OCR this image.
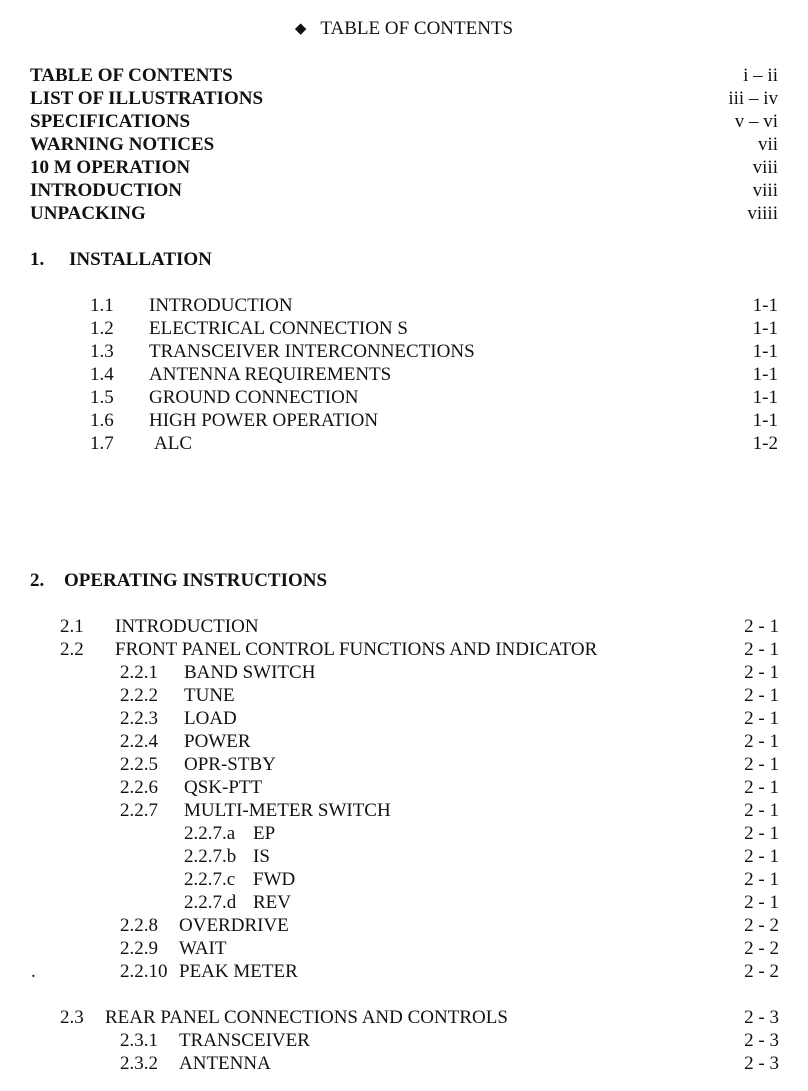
◆ TABLE OF CONTENTS
TABLE OF CONTENTS	i – ii
LIST OF ILLUSTRATIONS	iii – iv
SPECIFICATIONS	v – vi
WARNING NOTICES	vii
10 M OPERATION	viii
INTRODUCTION	viii
UNPACKING	viiii
1. INSTALLATION
1.1 INTRODUCTION	1-1
1.2 ELECTRICAL CONNECTION S	1-1
1.3 TRANSCEIVER INTERCONNECTIONS	1-1
1.4 ANTENNA REQUIREMENTS	1-1
1.5 GROUND CONNECTION	1-1
1.6 HIGH POWER OPERATION	1-1
1.7 ALC	1-2
2. OPERATING INSTRUCTIONS
2.1 INTRODUCTION	2 - 1
2.2 FRONT PANEL CONTROL FUNCTIONS AND INDICATOR	2 - 1
2.2.1 BAND SWITCH	2 - 1
2.2.2 TUNE	2 - 1
2.2.3 LOAD	2 - 1
2.2.4 POWER	2 - 1
2.2.5 OPR-STBY	2 - 1
2.2.6 QSK-PTT	2 - 1
2.2.7 MULTI-METER SWITCH	2 - 1
2.2.7.a EP	2 - 1
2.2.7.b IS	2 - 1
2.2.7.c FWD	2 - 1
2.2.7.d REV	2 - 1
2.2.8 OVERDRIVE	2 - 2
2.2.9 WAIT	2 - 2
.	2.2.10 PEAK METER	2 - 2
2.3 REAR PANEL CONNECTIONS AND CONTROLS	2 - 3
2.3.1 TRANSCEIVER	2 - 3
2.3.2 ANTENNA	2 - 3
